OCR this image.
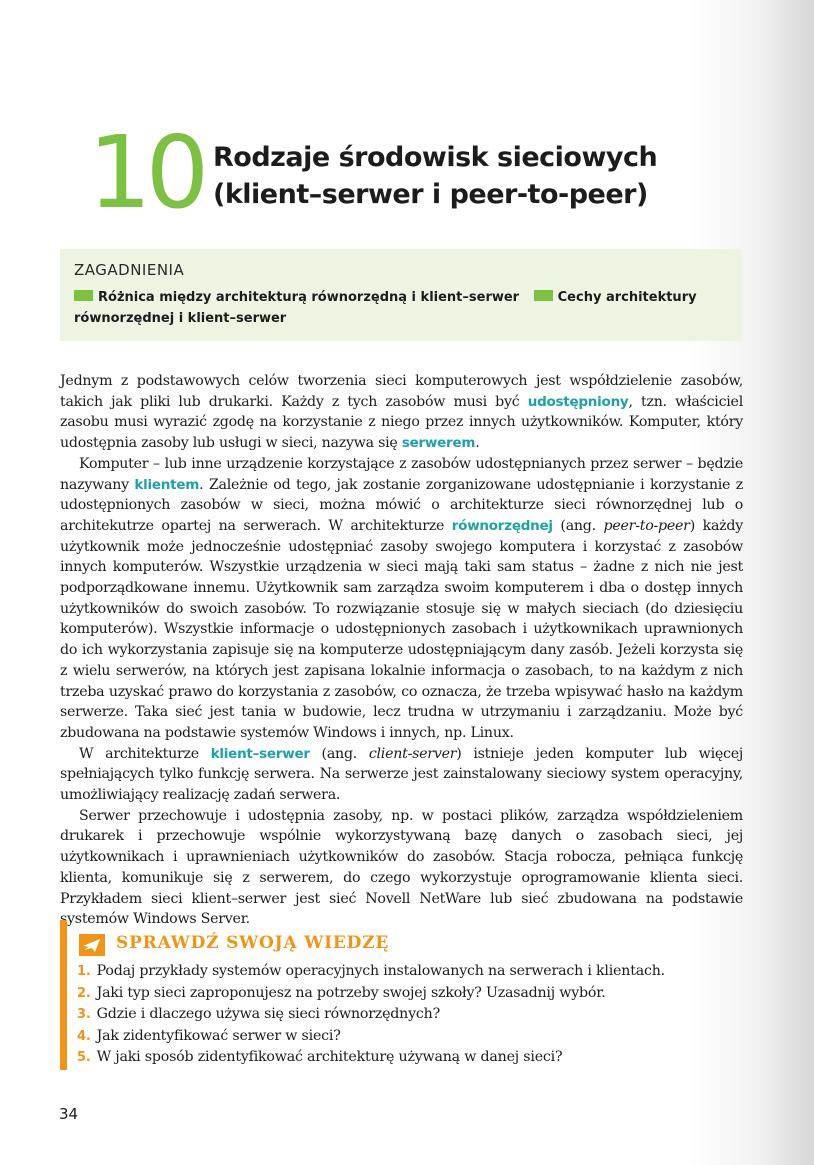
10 Rodzaje środowisk sieciowych
(klient–serwer i peer-to-peer)
ZAGADNIENIA
Różnica między architekturą równorzędną i klient–serwer	Cechy architektury równorzędnej i klient–serwer

Jednym z podstawowych celów tworzenia sieci komputerowych jest współdzielenie zasobów, takich jak pliki lub drukarki. Każdy z tych zasobów musi być udostępniony, tzn. właściciel zasobu musi wyrazić zgodę na korzystanie z niego przez innych użytkowników. Komputer, który udostępnia zasoby lub usługi w sieci, nazywa się serwerem.

Komputer – lub inne urządzenie korzystające z zasobów udostępnianych przez serwer – będzie nazywany klientem. Zależnie od tego, jak zostanie zorganizowane udostępnianie i korzystanie z udostępnionych zasobów w sieci, można mówić o architekturze sieci równorzędnej lub o architekutrze opartej na serwerach. W architekturze równorzędnej (ang. peer-to-peer) każdy użytkownik może jednocześnie udostępniać zasoby swojego komputera i korzystać z zasobów innych komputerów. Wszystkie urządzenia w sieci mają taki sam status – żadne z nich nie jest podporządkowane innemu. Użytkownik sam zarządza swoim komputerem i dba o dostęp innych użytkowników do swoich zasobów. To rozwiązanie stosuje się w małych sieciach (do dziesięciu komputerów). Wszystkie informacje o udostępnionych zasobach i użytkownikach uprawnionych do ich wykorzystania zapisuje się na komputerze udostępniającym dany zasób. Jeżeli korzysta się z wielu serwerów, na których jest zapisana lokalnie informacja o zasobach, to na każdym z nich trzeba uzyskać prawo do korzystania z zasobów, co oznacza, że trzeba wpisywać hasło na każdym serwerze. Taka sieć jest tania w budowie, lecz trudna w utrzymaniu i zarządzaniu. Może być zbudowana na podstawie systemów Windows i innych, np. Linux.

W architekturze klient–serwer (ang. client-server) istnieje jeden komputer lub więcej spełniających tylko funkcję serwera. Na serwerze jest zainstalowany sieciowy system operacyjny, umożliwiający realizację zadań serwera.

Serwer przechowuje i udostępnia zasoby, np. w postaci plików, zarządza współdzieleniem drukarek i przechowuje wspólnie wykorzystywaną bazę danych o zasobach sieci, jej użytkownikach i uprawnieniach użytkowników do zasobów. Stacja robocza, pełniąca funkcję klienta, komunikuje się z serwerem, do czego wykorzystuje oprogramowanie klienta sieci. Przykładem sieci klient–serwer jest sieć Novell NetWare lub sieć zbudowana na podstawie systemów Windows Server.

SPRAWDŹ SWOJĄ WIEDZĘ
1. Podaj przykłady systemów operacyjnych instalowanych na serwerach i klientach.
2. Jaki typ sieci zaproponujesz na potrzeby swojej szkoły? Uzasadnij wybór.
3. Gdzie i dlaczego używa się sieci równorzędnych?
4. Jak zidentyfikować serwer w sieci?
5. W jaki sposób zidentyfikować architekturę używaną w danej sieci?
34
